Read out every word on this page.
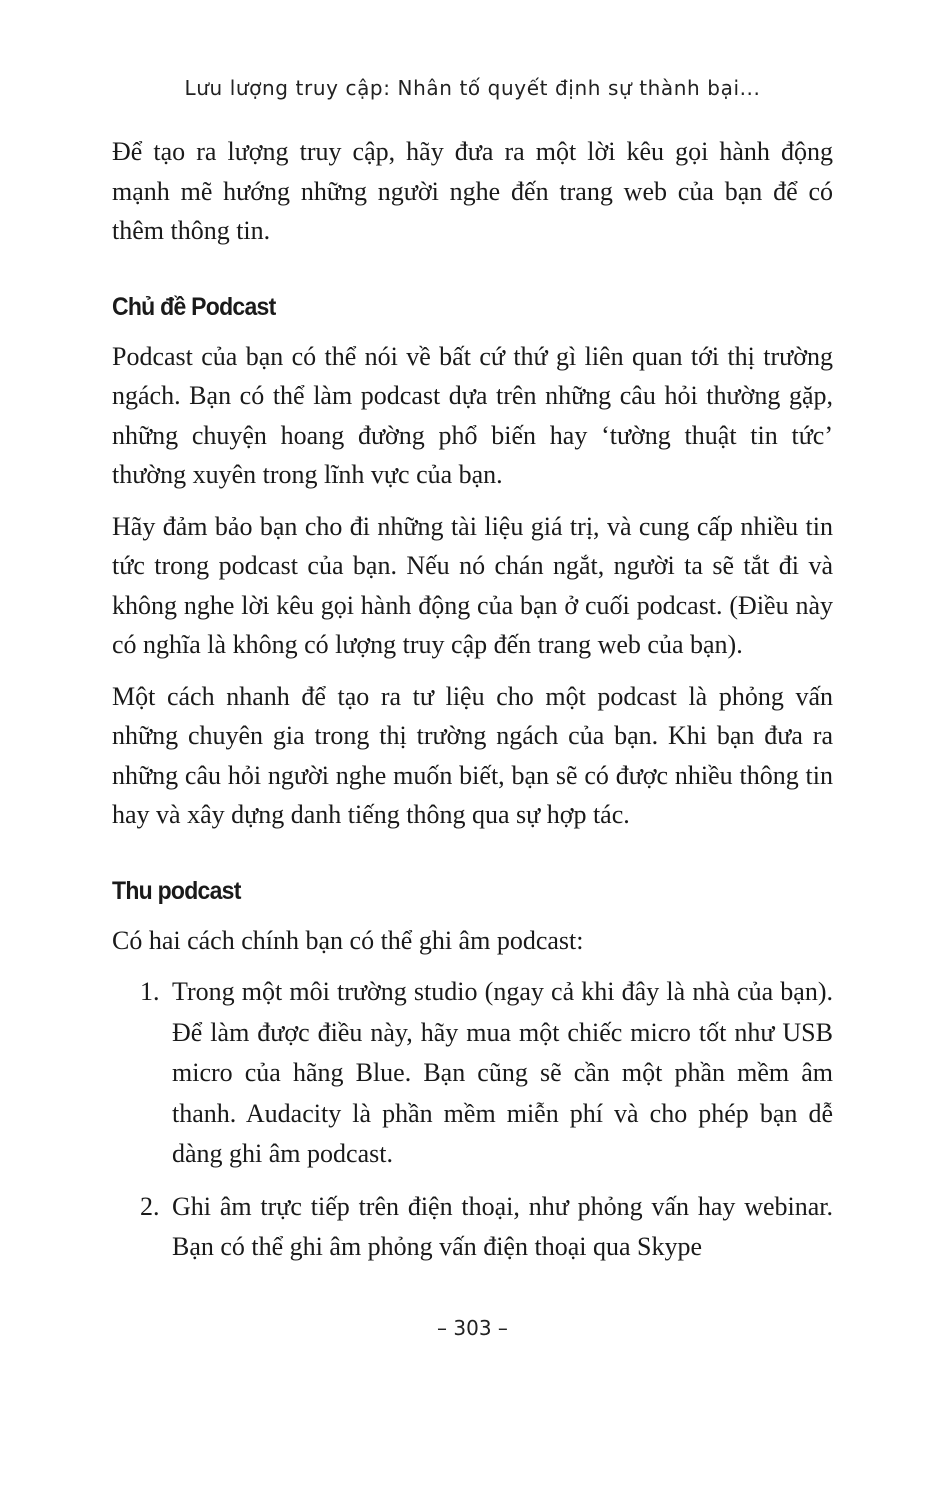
Lưu lượng truy cập: Nhân tố quyết định sự thành bại...

Để tạo ra lượng truy cập, hãy đưa ra một lời kêu gọi hành động mạnh mẽ hướng những người nghe đến trang web của bạn để có thêm thông tin.

Chủ đề Podcast

Podcast của bạn có thể nói về bất cứ thứ gì liên quan tới thị trường ngách. Bạn có thể làm podcast dựa trên những câu hỏi thường gặp, những chuyện hoang đường phổ biến hay ‘tường thuật tin tức’ thường xuyên trong lĩnh vực của bạn.

Hãy đảm bảo bạn cho đi những tài liệu giá trị, và cung cấp nhiều tin tức trong podcast của bạn. Nếu nó chán ngắt, người ta sẽ tắt đi và không nghe lời kêu gọi hành động của bạn ở cuối podcast. (Điều này có nghĩa là không có lượng truy cập đến trang web của bạn).

Một cách nhanh để tạo ra tư liệu cho một podcast là phỏng vấn những chuyên gia trong thị trường ngách của bạn. Khi bạn đưa ra những câu hỏi người nghe muốn biết, bạn sẽ có được nhiều thông tin hay và xây dựng danh tiếng thông qua sự hợp tác.

Thu podcast

Có hai cách chính bạn có thể ghi âm podcast:

1. Trong một môi trường studio (ngay cả khi đây là nhà của bạn). Để làm được điều này, hãy mua một chiếc micro tốt như USB micro của hãng Blue. Bạn cũng sẽ cần một phần mềm âm thanh. Audacity là phần mềm miễn phí và cho phép bạn dễ dàng ghi âm podcast.
2. Ghi âm trực tiếp trên điện thoại, như phỏng vấn hay webinar. Bạn có thể ghi âm phỏng vấn điện thoại qua Skype
– 303 –
